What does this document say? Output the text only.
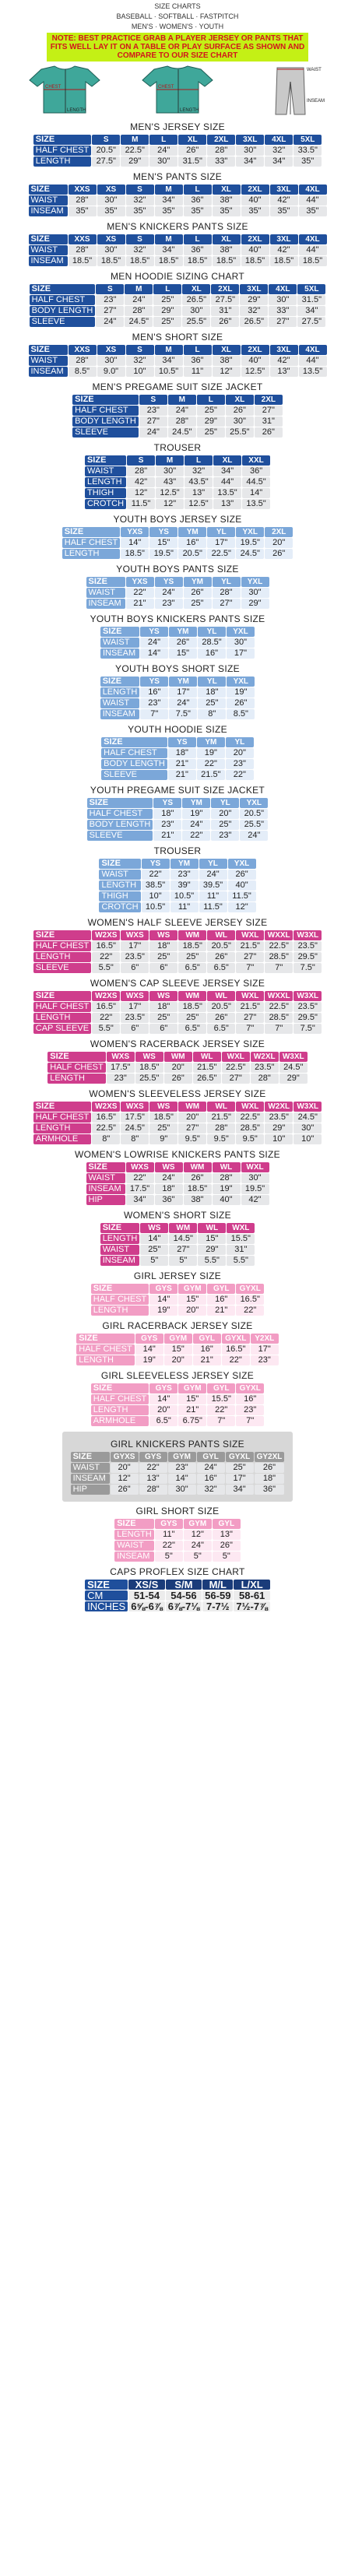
SIZE CHARTS
BASEBALL · SOFTBALL · FASTPITCH
MEN'S · WOMEN'S · YOUTH
NOTE: BEST PRACTICE GRAB A PLAYER JERSEY OR PANTS THAT FITS WELL LAY IT ON A TABLE OR PLAY SURFACE AS SHOWN AND COMPARE TO OUR SIZE CHART
CHEST
LENGTH
CHEST
LENGTH
WAIST
INSEAM
MEN'S JERSEY SIZE
SIZE	S	M	L	XL	2XL	3XL	4XL	5XL
HALF CHEST	20.5"	22.5"	24"	26"	28"	30"	32"	33.5"
LENGTH	27.5"	29"	30"	31.5"	33"	34"	34"	35"
MEN'S PANTS SIZE
SIZE	XXS	XS	S	M	L	XL	2XL	3XL	4XL
WAIST	28"	30"	32"	34"	36"	38"	40"	42"	44"
INSEAM	35"	35"	35"	35"	35"	35"	35"	35"	35"
MEN'S KNICKERS PANTS SIZE
SIZE	XXS	XS	S	M	L	XL	2XL	3XL	4XL
WAIST	28"	30"	32"	34"	36"	38"	40"	42"	44"
INSEAM	18.5"	18.5"	18.5"	18.5"	18.5"	18.5"	18.5"	18.5"	18.5"
MEN HOODIE SIZING CHART
SIZE	S	M	L	XL	2XL	3XL	4XL	5XL
HALF CHEST	23"	24"	25"	26.5"	27.5"	29"	30"	31.5"
BODY LENGTH	27"	28"	29"	30"	31"	32"	33"	34"
SLEEVE	24"	24.5"	25"	25.5"	26"	26.5"	27"	27.5"
MEN'S SHORT SIZE
SIZE	XXS	XS	S	M	L	XL	2XL	3XL	4XL
WAIST	28"	30"	32"	34"	36"	38"	40"	42"	44"
INSEAM	8.5"	9.0"	10"	10.5"	11"	12"	12.5"	13"	13.5"
MEN'S PREGAME SUIT SIZE JACKET
SIZE	S	M	L	XL	2XL
HALF CHEST	23"	24"	25"	26"	27"
BODY LENGTH	27"	28"	29"	30"	31"
SLEEVE	24"	24.5"	25"	25.5"	26"
TROUSER
SIZE	S	M	L	XL	XXL
WAIST	28"	30"	32"	34"	36"
LENGTH	42"	43"	43.5"	44"	44.5"
THIGH	12"	12.5"	13"	13.5"	14"
CROTCH	11.5"	12"	12.5"	13"	13.5"
YOUTH BOYS JERSEY SIZE
SIZE	YXS	YS	YM	YL	YXL	2XL
HALF CHEST	14"	15"	16"	17"	19.5"	20"
LENGTH	18.5"	19.5"	20.5"	22.5"	24.5"	26"
YOUTH BOYS PANTS SIZE
SIZE	YXS	YS	YM	YL	YXL
WAIST	22"	24"	26"	28"	30"
INSEAM	21"	23"	25"	27"	29"
YOUTH BOYS KNICKERS PANTS SIZE
SIZE	YS	YM	YL	YXL
WAIST	24"	26"	28.5"	30"
INSEAM	14"	15"	16"	17"
YOUTH BOYS SHORT SIZE
SIZE	YS	YM	YL	YXL
LENGTH	16"	17"	18"	19"
WAIST	23"	24"	25"	26"
INSEAM	7"	7.5"	8"	8.5"
YOUTH HOODIE SIZE
SIZE	YS	YM	YL
HALF CHEST	18"	19"	20"
BODY LENGTH	21"	22"	23"
SLEEVE	21"	21.5"	22"
YOUTH PREGAME SUIT SIZE JACKET
SIZE	YS	YM	YL	YXL
HALF CHEST	18"	19"	20"	20.5"
BODY LENGTH	23"	24"	25"	25.5"
SLEEVE	21"	22"	23"	24"
TROUSER
SIZE	YS	YM	YL	YXL
WAIST	22"	23"	24"	26"
LENGTH	38.5"	39"	39.5"	40"
THIGH	10"	10.5"	11"	11.5"
CROTCH	10.5"	11"	11.5"	12"
WOMEN'S HALF SLEEVE JERSEY SIZE
SIZE	W2XS	WXS	WS	WM	WL	WXL	WXXL	W3XL
HALF CHEST	16.5"	17"	18"	18.5"	20.5"	21.5"	22.5"	23.5"
LENGTH	22"	23.5"	25"	25"	26"	27"	28.5"	29.5"
SLEEVE	5.5"	6"	6"	6.5"	6.5"	7"	7"	7.5"
WOMEN'S CAP SLEEVE JERSEY SIZE
SIZE	W2XS	WXS	WS	WM	WL	WXL	WXXL	W3XL
HALF CHEST	16.5"	17"	18"	18.5"	20.5"	21.5"	22.5"	23.5"
LENGTH	22"	23.5"	25"	25"	26"	27"	28.5"	29.5"
CAP SLEEVE	5.5"	6"	6"	6.5"	6.5"	7"	7"	7.5"
WOMEN'S RACERBACK JERSEY SIZE
SIZE	WXS	WS	WM	WL	WXL	W2XL	W3XL
HALF CHEST	17.5"	18.5"	20"	21.5"	22.5"	23.5"	24.5"
LENGTH	23"	25.5"	26"	26.5"	27"	28"	29"
WOMEN'S SLEEVELESS JERSEY SIZE
SIZE	W2XS	WXS	WS	WM	WL	WXL	W2XL	W3XL
HALF CHEST	16.5"	17.5"	18.5"	20"	21.5"	22.5"	23.5"	24.5"
LENGTH	22.5"	24.5"	25"	27"	28"	28.5"	29"	30"
ARMHOLE	8"	8"	9"	9.5"	9.5"	9.5"	10"	10"
WOMEN'S LOWRISE KNICKERS PANTS SIZE
SIZE	WXS	WS	WM	WL	WXL
WAIST	22"	24"	26"	28"	30"
INSEAM	17.5"	18"	18.5"	19"	19.5"
HIP	34"	36"	38"	40"	42"
WOMEN'S SHORT SIZE
SIZE	WS	WM	WL	WXL
LENGTH	14"	14.5"	15"	15.5"
WAIST	25"	27"	29"	31"
INSEAM	5"	5"	5.5"	5.5"
GIRL JERSEY SIZE
SIZE	GYS	GYM	GYL	GYXL
HALF CHEST	14"	15"	16"	16.5"
LENGTH	19"	20"	21"	22"
GIRL RACERBACK JERSEY SIZE
SIZE	GYS	GYM	GYL	GYXL	Y2XL
HALF CHEST	14"	15"	16"	16.5"	17"
LENGTH	19"	20"	21"	22"	23"
GIRL SLEEVELESS JERSEY SIZE
SIZE	GYS	GYM	GYL	GYXL
HALF CHEST	14"	15"	15.5"	16"
LENGTH	20"	21"	22"	23"
ARMHOLE	6.5"	6.75"	7"	7"
GIRL KNICKERS PANTS SIZE
SIZE	GYXS	GYS	GYM	GYL	GYXL	GY2XL
WAIST	20"	22"	23"	24"	25"	26"
INSEAM	12"	13"	14"	16"	17"	18"
HIP	26"	28"	30"	32"	34"	36"
GIRL SHORT SIZE
SIZE	GYS	GYM	GYL
LENGTH	11"	12"	13"
WAIST	22"	24"	26"
INSEAM	5"	5"	5"
CAPS PROFLEX SIZE CHART
SIZE	XS/S	S/M	M/L	L/XL
CM	51-54	54-56	56-59	58-61
INCHES	6⅝-6⅞	6⅞-7⅛	7-7½	7½-7⅞
